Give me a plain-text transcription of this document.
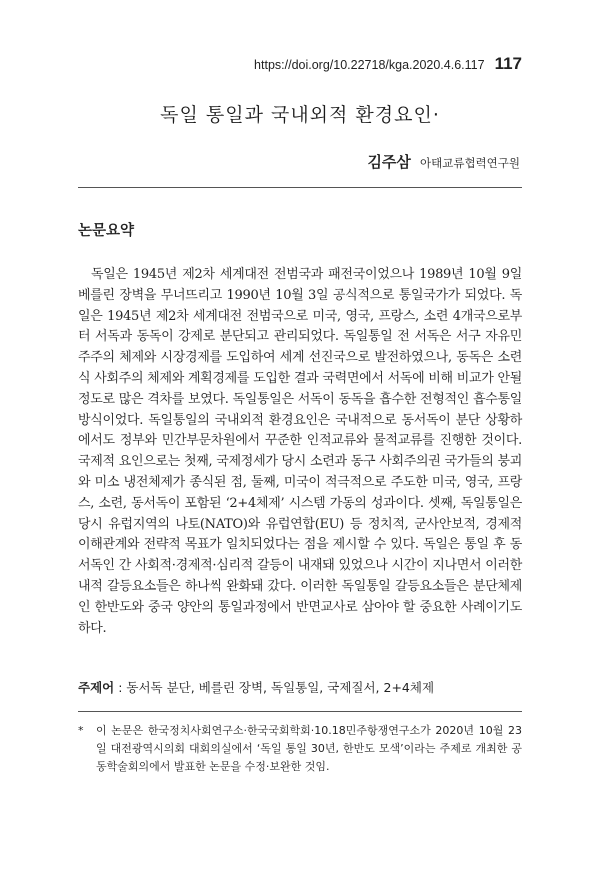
https://doi.org/10.22718/kga.2020.4.6.117 117
독일 통일과 국내외적 환경요인·
김주삼 아태교류협력연구원
논문요약

독일은 1945년 제2차 세계대전 전범국과 패전국이었으나 1989년 10월 9일 베를린 장벽을 무너뜨리고 1990년 10월 3일 공식적으로 통일국가가 되었다. 독일은 1945년 제2차 세계대전 전범국으로 미국, 영국, 프랑스, 소련 4개국으로부터 서독과 동독이 강제로 분단되고 관리되었다. 독일통일 전 서독은 서구 자유민주주의 체제와 시장경제를 도입하여 세계 선진국으로 발전하였으나, 동독은 소련식 사회주의 체제와 계획경제를 도입한 결과 국력면에서 서독에 비해 비교가 안될 정도로 많은 격차를 보였다. 독일통일은 서독이 동독을 흡수한 전형적인 흡수통일방식이었다. 독일통일의 국내외적 환경요인은 국내적으로 동서독이 분단 상황하에서도 정부와 민간부문차원에서 꾸준한 인적교류와 물적교류를 진행한 것이다. 국제적 요인으로는 첫째, 국제정세가 당시 소련과 동구 사회주의권 국가들의 붕괴와 미소 냉전체제가 종식된 점, 둘째, 미국이 적극적으로 주도한 미국, 영국, 프랑스, 소련, 동서독이 포함된 ‘2+4체제’ 시스템 가동의 성과이다. 셋째, 독일통일은 당시 유럽지역의 나토(NATO)와 유럽연합(EU) 등 정치적, 군사안보적, 경제적 이해관계와 전략적 목표가 일치되었다는 점을 제시할 수 있다. 독일은 통일 후 동서독인 간 사회적·경제적·심리적 갈등이 내재돼 있었으나 시간이 지나면서 이러한 내적 갈등요소들은 하나씩 완화돼 갔다. 이러한 독일통일 갈등요소들은 분단체제인 한반도와 중국 양안의 통일과정에서 반면교사로 삼아야 할 중요한 사례이기도 하다.

주제어 : 동서독 분단, 베를린 장벽, 독일통일, 국제질서, 2+4체제
*	이 논문은 한국정치사회연구소·한국국회학회·10.18민주항쟁연구소가 2020년 10월 23일 대전광역시의회 대회의실에서 ‘독일 통일 30년, 한반도 모색’이라는 주제로 개최한 공동학술회의에서 발표한 논문을 수정·보완한 것임.
